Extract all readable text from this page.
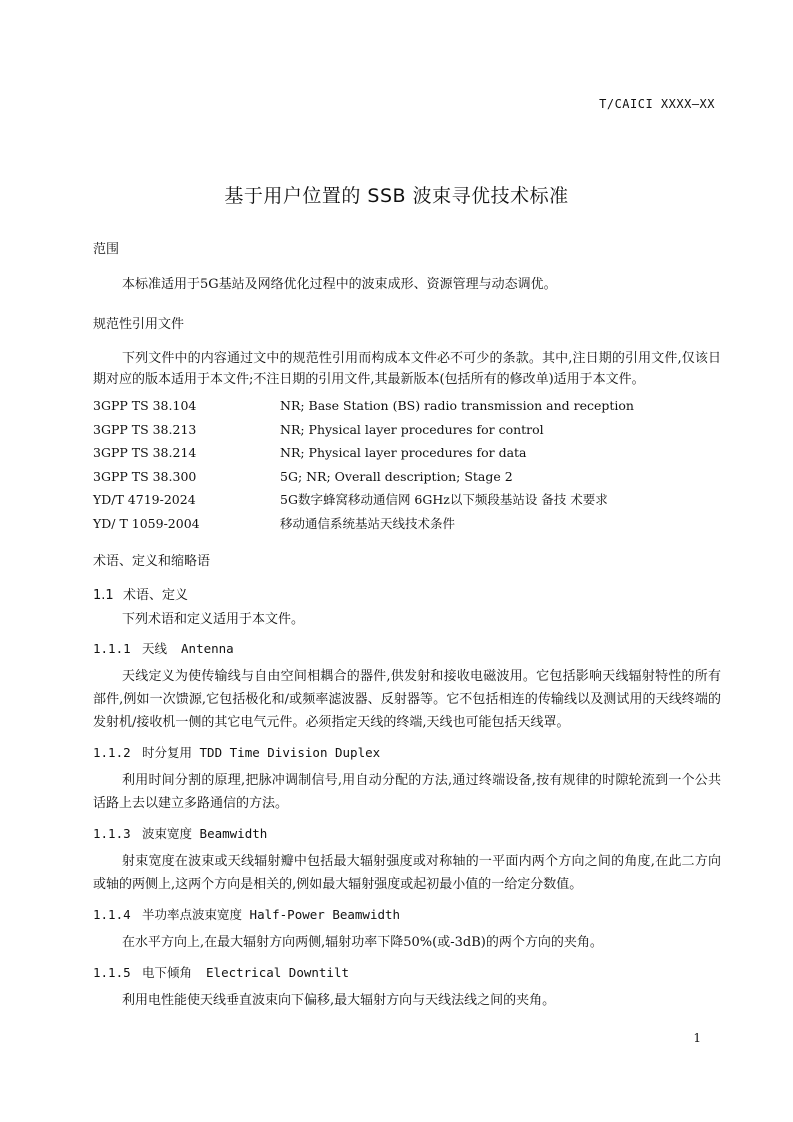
T/CAICI XXXX—XX
基于用户位置的 SSB 波束寻优技术标准
范围

本标准适用于5G基站及网络优化过程中的波束成形、资源管理与动态调优。

规范性引用文件

下列文件中的内容通过文中的规范性引用而构成本文件必不可少的条款。其中,注日期的引用文件,仅该日期对应的版本适用于本文件;不注日期的引用文件,其最新版本(包括所有的修改单)适用于本文件。

3GPP TS 38.104	NR; Base Station (BS) radio transmission and reception
3GPP TS 38.213	NR; Physical layer procedures for control
3GPP TS 38.214	NR; Physical layer procedures for data
3GPP TS 38.300	5G; NR; Overall description; Stage 2
YD/T 4719-2024	5G数字蜂窝移动通信网 6GHz以下频段基站设 备技 术要求
YD/ T 1059-2004	移动通信系统基站天线技术条件
术语、定义和缩略语
1.1 术语、定义

下列术语和定义适用于本文件。

1.1.1 天线 Antenna

天线定义为使传输线与自由空间相耦合的器件,供发射和接收电磁波用。它包括影响天线辐射特性的所有部件,例如一次馈源,它包括极化和/或频率滤波器、反射器等。它不包括相连的传输线以及测试用的天线终端的发射机/接收机一侧的其它电气元件。必须指定天线的终端,天线也可能包括天线罩。

1.1.2 时分复用 TDD Time Division Duplex

利用时间分割的原理,把脉冲调制信号,用自动分配的方法,通过终端设备,按有规律的时隙轮流到一个公共话路上去以建立多路通信的方法。

1.1.3 波束宽度 Beamwidth

射束宽度在波束或天线辐射瓣中包括最大辐射强度或对称轴的一平面内两个方向之间的角度,在此二方向或轴的两侧上,这两个方向是相关的,例如最大辐射强度或起初最小值的一给定分数值。

1.1.4 半功率点波束宽度 Half-Power Beamwidth

在水平方向上,在最大辐射方向两侧,辐射功率下降50%(或-3dB)的两个方向的夹角。

1.1.5 电下倾角 Electrical Downtilt

利用电性能使天线垂直波束向下偏移,最大辐射方向与天线法线之间的夹角。

1
